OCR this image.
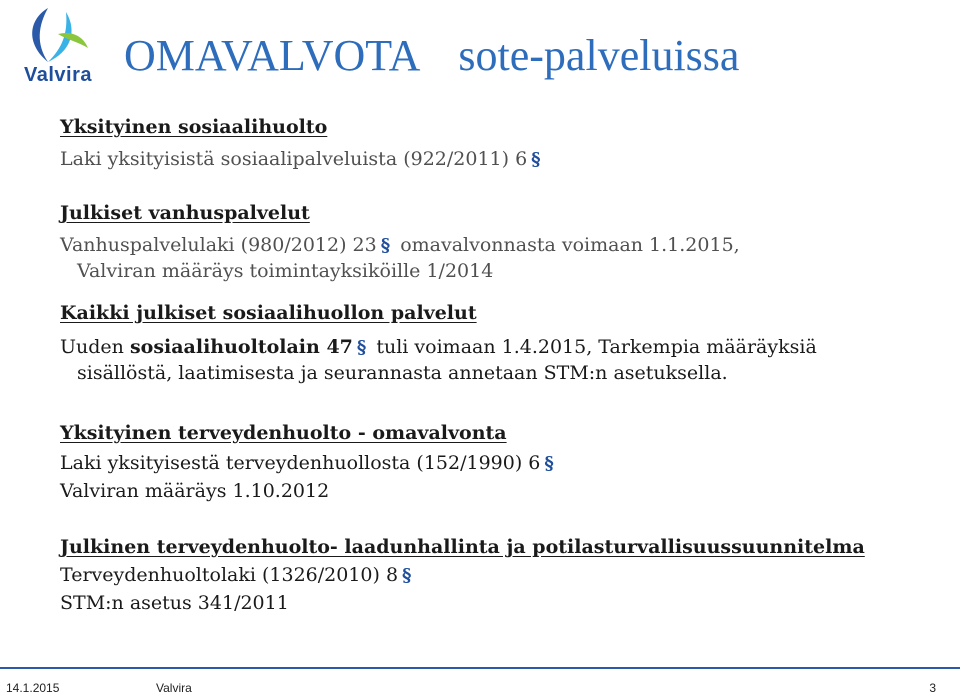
Valvira OMAVALVOTA sote-palveluissa
Yksityinen sosiaalihuolto
Laki yksityisistä sosiaalipalveluista (922/2011) 6 §
Julkiset vanhuspalvelut
Vanhuspalvelulaki (980/2012) 23 § omavalvonnasta voimaan 1.1.2015,
Valviran määräys toimintayksiköille 1/2014
Kaikki julkiset sosiaalihuollon palvelut
Uuden sosiaalihuoltolain 47 § tuli voimaan 1.4.2015, Tarkempia määräyksiä
sisällöstä, laatimisesta ja seurannasta annetaan STM:n asetuksella.
Yksityinen terveydenhuolto - omavalvonta
Laki yksityisestä terveydenhuollosta (152/1990) 6 §
Valviran määräys 1.10.2012
Julkinen terveydenhuolto- laadunhallinta ja potilasturvallisuussuunnitelma
Terveydenhuoltolaki (1326/2010) 8 §
STM:n asetus 341/2011
14.1.2015	Valvira	3
